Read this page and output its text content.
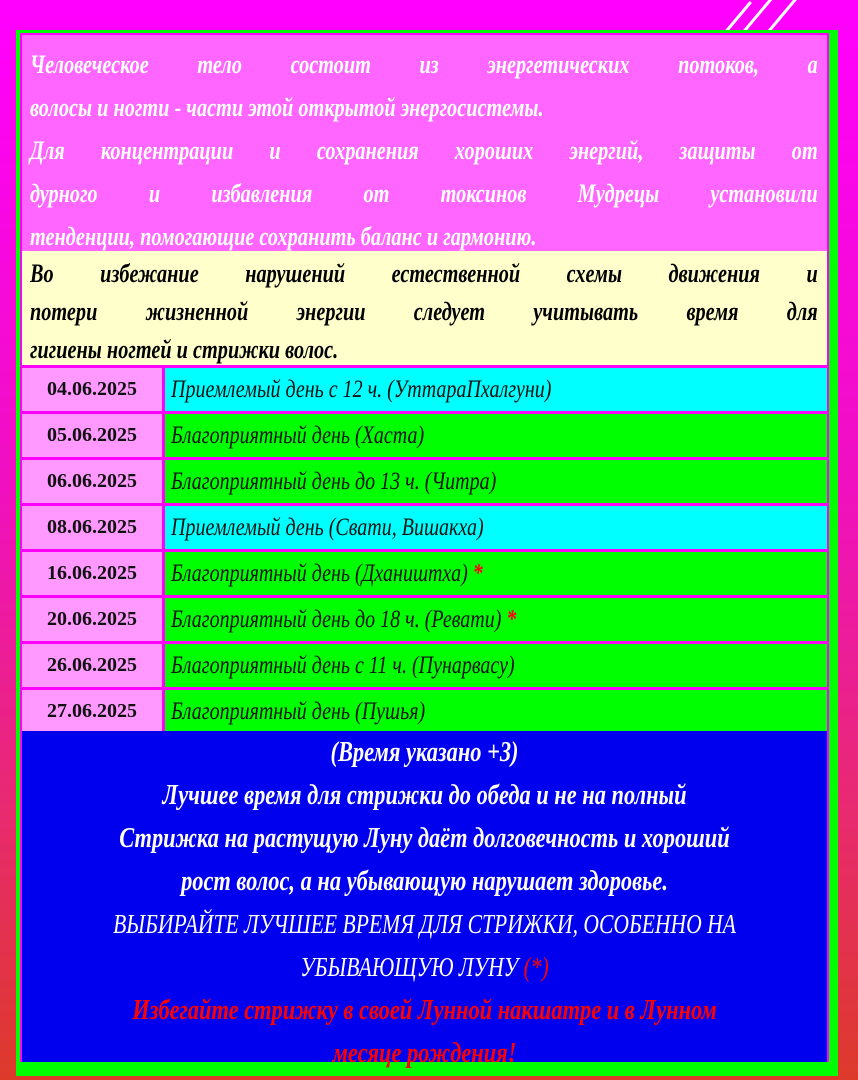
Человеческое тело состоит из энергетических потоков, а
волосы и ногти - части этой открытой энергосистемы.
Для концентрации и сохранения хороших энергий, защиты от
дурного и избавления от токсинов Мудрецы установили
тенденции, помогающие сохранить баланс и гармонию.
Во избежание нарушений естественной схемы движения и
потери жизненной энергии следует учитывать время для
гигиены ногтей и стрижки волос.
04.06.2025	Приемлемый день с 12 ч. (УттараПхалгуни)
05.06.2025	Благоприятный день (Хаста)
06.06.2025	Благоприятный день до 13 ч. (Читра)
08.06.2025	Приемлемый день (Свати, Вишакха)
16.06.2025	Благоприятный день (Дхаништха) *
20.06.2025	Благоприятный день до 18 ч. (Ревати) *
26.06.2025	Благоприятный день с 11 ч. (Пунарвасу)
27.06.2025	Благоприятный день (Пушья)
(Время указано +3)
Лучшее время для стрижки до обеда и не на полный
Стрижка на растущую Луну даёт долговечность и хороший
рост волос, а на убывающую нарушает здоровье.
ВЫБИРАЙТЕ ЛУЧШЕЕ ВРЕМЯ ДЛЯ СТРИЖКИ, ОСОБЕННО НА
УБЫВАЮЩУЮ ЛУНУ (*)
Избегайте стрижку в своей Лунной накшатре и в Лунном
месяце рождения!
